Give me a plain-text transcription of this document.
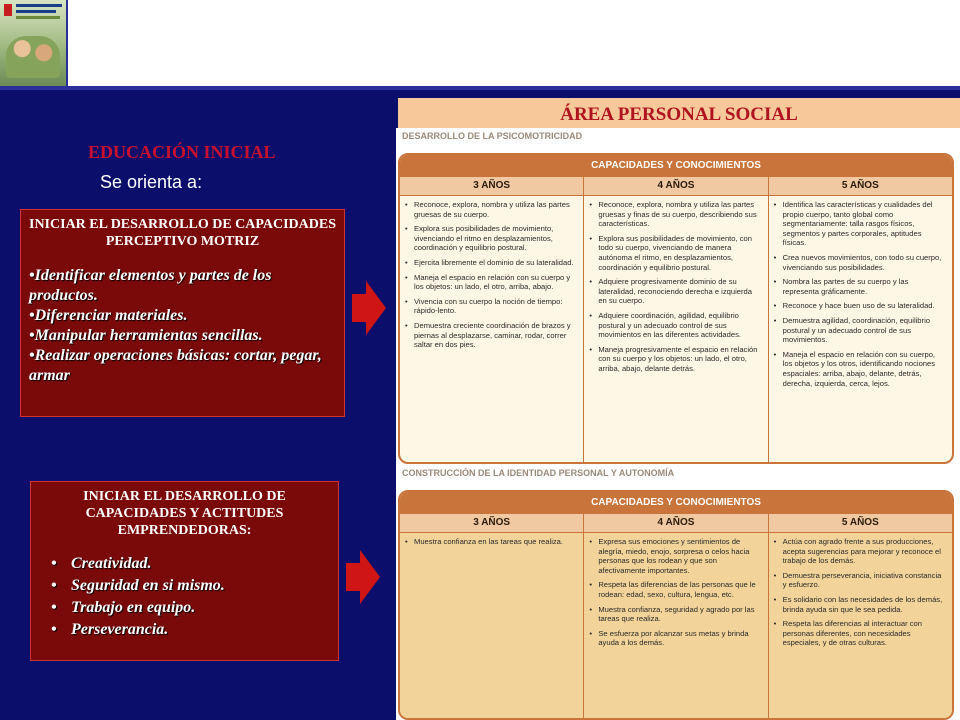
EDUCACIÓN INICIAL
Se orienta a:
INICIAR EL DESARROLLO DE CAPACIDADES PERCEPTIVO MOTRIZ
•Identificar elementos y partes de los productos.
•Diferenciar materiales.
•Manipular herramientas sencillas.
•Realizar operaciones básicas: cortar, pegar, armar
INICIAR EL DESARROLLO DE CAPACIDADES Y ACTITUDES EMPRENDEDORAS:
• Creatividad.
• Seguridad en si mismo.
• Trabajo en equipo.
• Perseverancia.
ÁREA PERSONAL SOCIAL
DESARROLLO DE LA PSICOMOTRICIDAD
CAPACIDADES Y CONOCIMIENTOS
3 AÑOS	4 AÑOS	5 AÑOS
• Reconoce, explora, nombra y utiliza las partes gruesas de su cuerpo.
• Explora sus posibilidades de movimiento, vivenciando el ritmo en desplazamientos, coordinación y equilibrio postural.
• Ejercita libremente el dominio de su lateralidad.
• Maneja el espacio en relación con su cuerpo y los objetos: un lado, el otro, arriba, abajo.
• Vivencia con su cuerpo la noción de tiempo: rápido-lento.
• Demuestra creciente coordinación de brazos y piernas al desplazarse, caminar, rodar, correr saltar en dos pies.
• Reconoce, explora, nombra y utiliza las partes gruesas y finas de su cuerpo, describiendo sus características.
• Explora sus posibilidades de movimiento, con todo su cuerpo, vivenciando de manera autónoma el ritmo, en desplazamientos, coordinación y equilibrio postural.
• Adquiere progresivamente dominio de su lateralidad, reconociendo derecha e izquierda en su cuerpo.
• Adquiere coordinación, agilidad, equilibrio postural y un adecuado control de sus movimientos en las diferentes actividades.
• Maneja progresivamente el espacio en relación con su cuerpo y los objetos: un lado, el otro, arriba, abajo, delante detrás.
• Identifica las características y cualidades del propio cuerpo, tanto global como segmentariamente: talla rasgos físicos, segmentos y partes corporales, aptitudes físicas.
• Crea nuevos movimientos, con todo su cuerpo, vivenciando sus posibilidades.
• Nombra las partes de su cuerpo y las representa gráficamente.
• Reconoce y hace buen uso de su lateralidad.
• Demuestra agilidad, coordinación, equilibrio postural y un adecuado control de sus movimientos.
• Maneja el espacio en relación con su cuerpo, los objetos y los otros, identificando nociones espaciales: arriba, abajo, delante, detrás, derecha, izquierda, cerca, lejos.
CONSTRUCCIÓN DE LA IDENTIDAD PERSONAL Y AUTONOMÍA
CAPACIDADES Y CONOCIMIENTOS
3 AÑOS	4 AÑOS	5 AÑOS
• Muestra confianza en las tareas que realiza.
•	Expresa sus emociones y sentimientos de alegría, miedo, enojo, sorpresa o celos hacia personas que los rodean y que son afectivamente importantes.
• Respeta las diferencias de las personas que le rodean: edad, sexo, cultura, lengua, etc.
• Muestra confianza, seguridad y agrado por las tareas que realiza.
• Se esfuerza por alcanzar sus metas y brinda ayuda a los demás.
• Actúa con agrado frente a sus producciones, acepta sugerencias para mejorar y reconoce el trabajo de los demás.
• Demuestra perseverancia, iniciativa constancia y esfuerzo.
• Es solidario con las necesidades de los demás, brinda ayuda sin que le sea pedida.
• Respeta las diferencias al interactuar con personas diferentes, con necesidades especiales, y de otras culturas.
